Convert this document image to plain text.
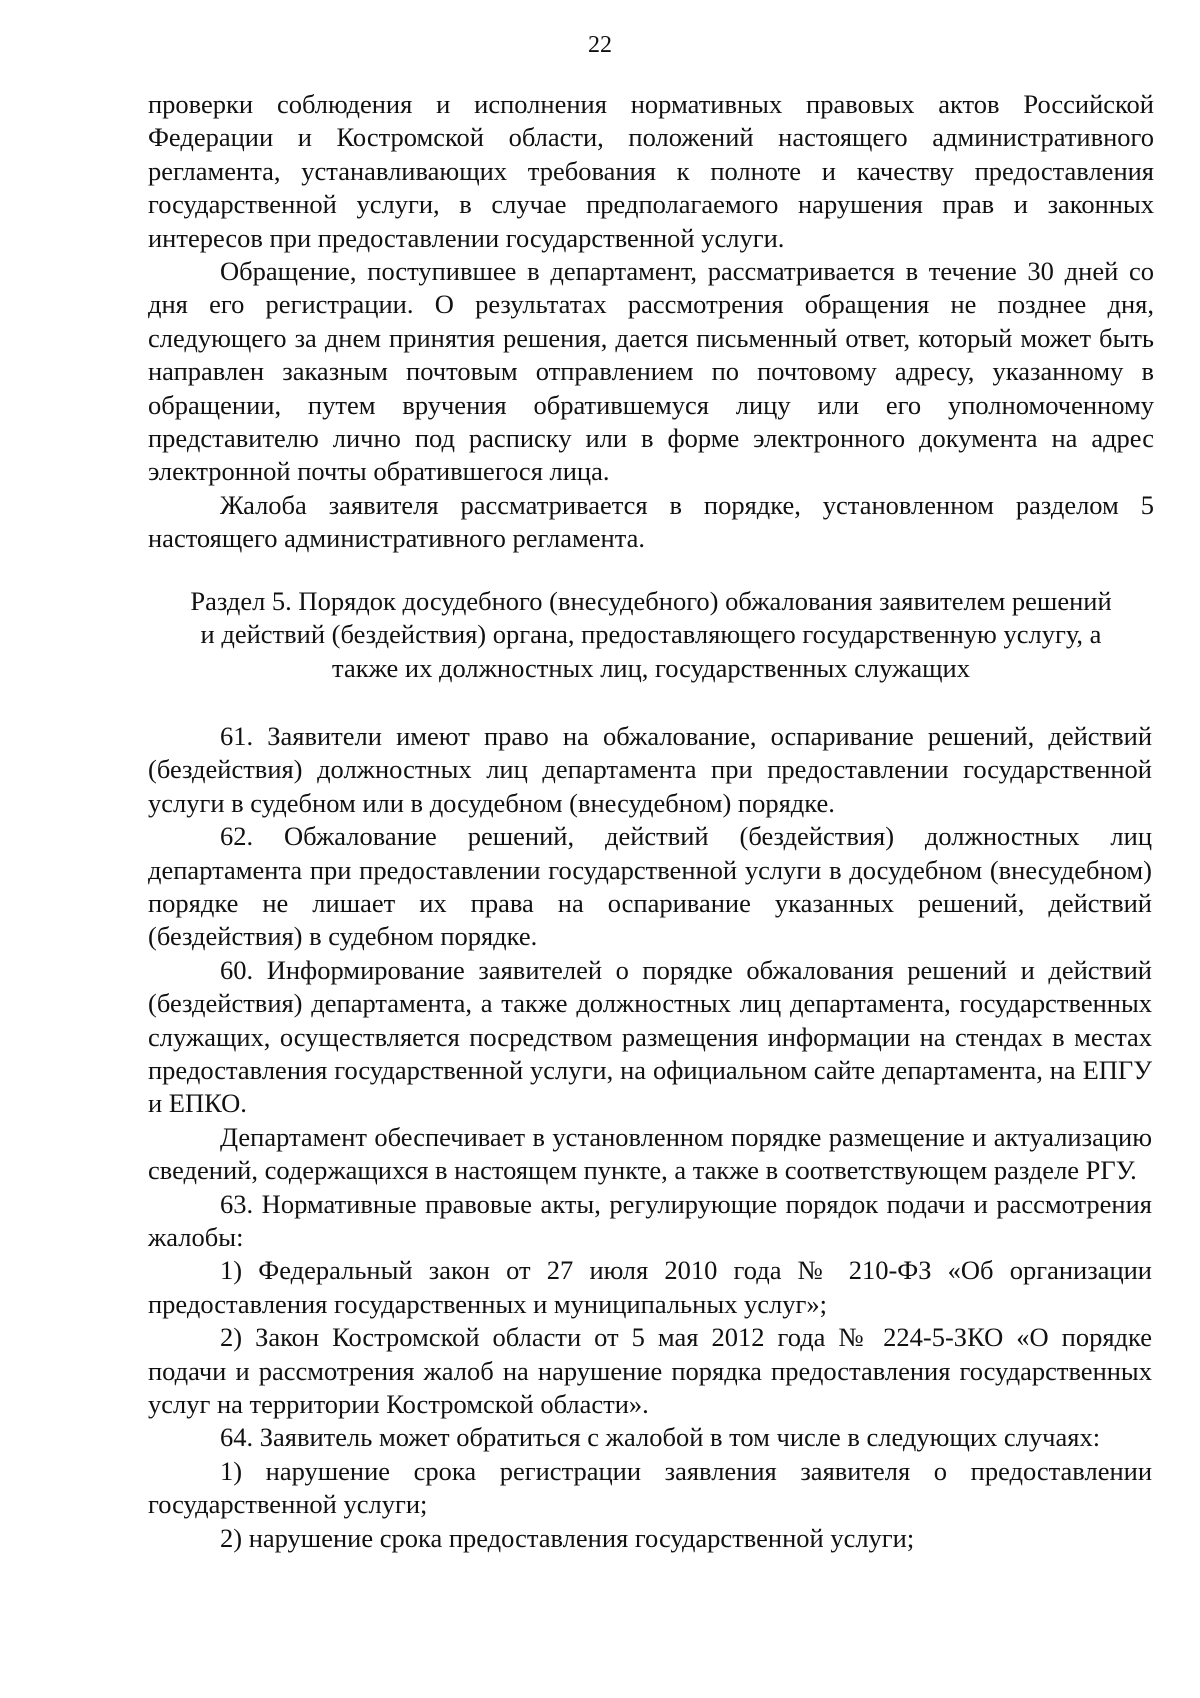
22

проверки соблюдения и исполнения нормативных правовых актов Российской Федерации и Костромской области, положений настоящего административного регламента, устанавливающих требования к полноте и качеству предоставления государственной услуги, в случае предполагаемого нарушения прав и законных интересов при предоставлении государственной услуги.

Обращение, поступившее в департамент, рассматривается в течение 30 дней со дня его регистрации. О результатах рассмотрения обращения не позднее дня, следующего за днем принятия решения, дается письменный ответ, который может быть направлен заказным почтовым отправлением по почтовому адресу, указанному в обращении, путем вручения обратившемуся лицу или его уполномоченному представителю лично под расписку или в форме электронного документа на адрес электронной почты обратившегося лица.

Жалоба заявителя рассматривается в порядке, установленном разделом 5 настоящего административного регламента.

Раздел 5. Порядок досудебного (внесудебного) обжалования заявителем решений и действий (бездействия) органа, предоставляющего государственную услугу, а также их должностных лиц, государственных служащих

61. Заявители имеют право на обжалование, оспаривание решений, действий (бездействия) должностных лиц департамента при предоставлении государственной услуги в судебном или в досудебном (внесудебном) порядке.

62. Обжалование решений, действий (бездействия) должностных лиц департамента при предоставлении государственной услуги в досудебном (внесудебном) порядке не лишает их права на оспаривание указанных решений, действий (бездействия) в судебном порядке.

60. Информирование заявителей о порядке обжалования решений и действий (бездействия) департамента, а также должностных лиц департамента, государственных служащих, осуществляется посредством размещения информации на стендах в местах предоставления государственной услуги, на официальном сайте департамента, на ЕПГУ и ЕПКО.

Департамент обеспечивает в установленном порядке размещение и актуализацию сведений, содержащихся в настоящем пункте, а также в соответствующем разделе РГУ.

63. Нормативные правовые акты, регулирующие порядок подачи и рассмотрения жалобы:

1) Федеральный закон от 27 июля 2010 года № 210-ФЗ «Об организации предоставления государственных и муниципальных услуг»;

2) Закон Костромской области от 5 мая 2012 года № 224-5-ЗКО «О порядке подачи и рассмотрения жалоб на нарушение порядка предоставления государственных услуг на территории Костромской области».

64. Заявитель может обратиться с жалобой в том числе в следующих случаях:

1) нарушение срока регистрации заявления заявителя о предоставлении государственной услуги;

2) нарушение срока предоставления государственной услуги;
